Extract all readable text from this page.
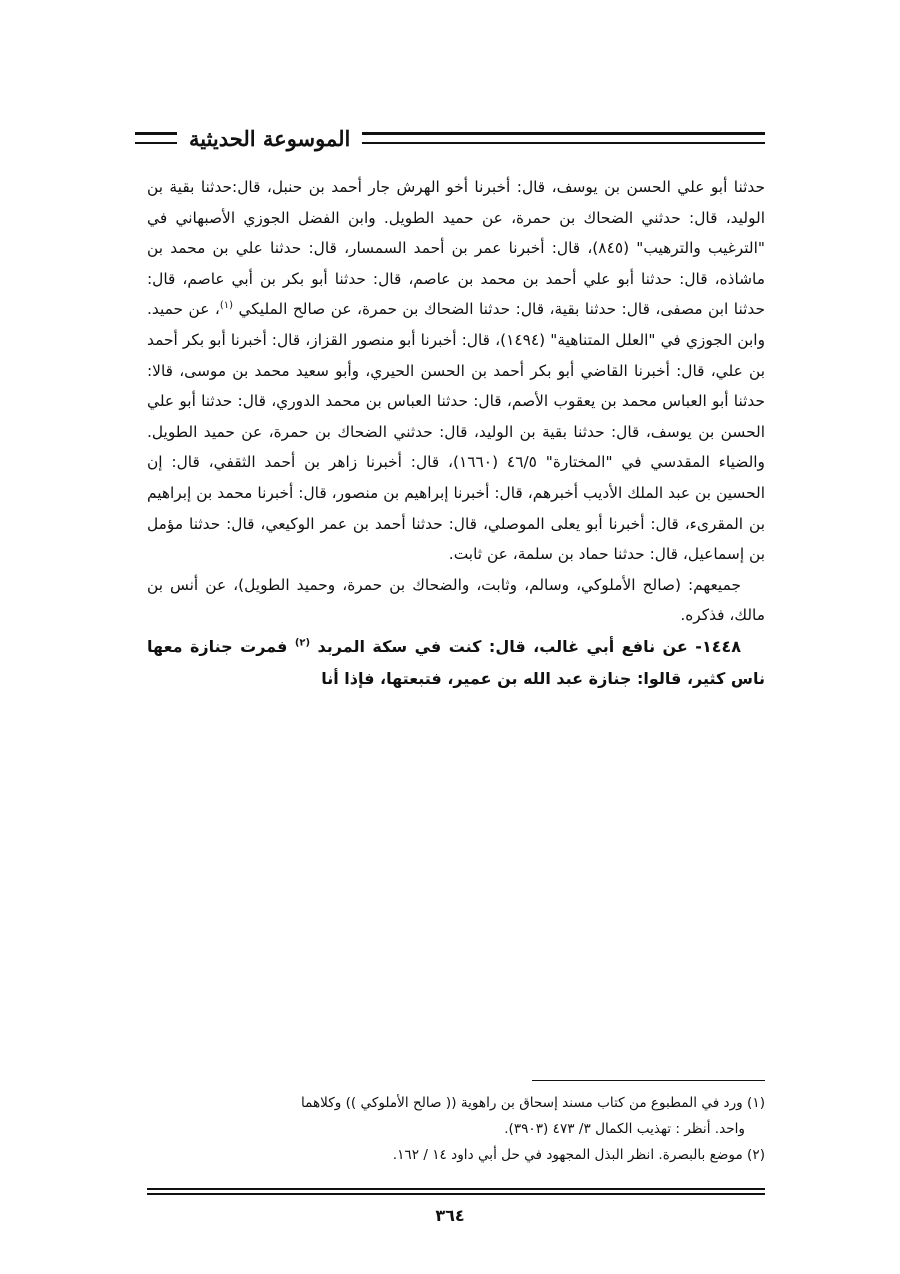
الموسوعة الحديثية

حدثنا أبو علي الحسن بن يوسف، قال: أخبرنا أخو الهرش جار أحمد بن حنبل، قال:حدثنا بقية بن الوليد، قال: حدثني الضحاك بن حمرة، عن حميد الطويل. وابن الفضل الجوزي الأصبهاني في "الترغيب والترهيب" (٨٤٥)، قال: أخبرنا عمر بن أحمد السمسار، قال: حدثنا علي بن محمد بن ماشاذه، قال: حدثنا أبو علي أحمد بن محمد بن عاصم، قال: حدثنا أبو بكر بن أبي عاصم، قال: حدثنا ابن مصفى، قال: حدثنا بقية، قال: حدثنا الضحاك بن حمرة، عن صالح المليكي $^{(١)}$، عن حميد. وابن الجوزي في "العلل المتناهية" (١٤٩٤)، قال: أخبرنا أبو منصور القزاز، قال: أخبرنا أبو بكر أحمد بن علي، قال: أخبرنا القاضي أبو بكر أحمد بن الحسن الحيري، وأبو سعيد محمد بن موسى، قالا: حدثنا أبو العباس محمد بن يعقوب الأصم، قال: حدثنا العباس بن محمد الدوري، قال: حدثنا أبو علي الحسن بن يوسف، قال: حدثنا بقية بن الوليد، قال: حدثني الضحاك بن حمرة، عن حميد الطويل. والضياء المقدسي في "المختارة" ٤٦/٥ (١٦٦٠)، قال: أخبرنا زاهر بن أحمد الثقفي، قال: إن الحسين بن عبد الملك الأديب أخبرهم، قال: أخبرنا إبراهيم بن منصور، قال: أخبرنا محمد بن إبراهيم بن المقرىء، قال: أخبرنا أبو يعلى الموصلي، قال: حدثنا أحمد بن عمر الوكيعي، قال: حدثنا مؤمل بن إسماعيل، قال: حدثنا حماد بن سلمة، عن ثابت.

جميعهم: (صالح الأملوكي، وسالم، وثابت، والضحاك بن حمرة، وحميد الطويل)، عن أنس بن مالك، فذكره.

١٤٤٨- عن نافع أبي غالب، قال: كنت في سكة المربد $^{(٢)}$ فمرت جنازة معها ناس كثير، قالوا: جنازة عبد الله بن عمير، فتبعتها، فإذا أنا

(١) ورد في المطبوع من كتاب مسند إسحاق بن راهوية (( صالح الأملوكي )) وكلاهما

واحد. أنظر : تهذيب الكمال ٣/ ٤٧٣ (٣٩٠٣).

(٢) موضع بالبصرة. انظر البذل المجهود في حل أبي داود ١٤ / ١٦٢.

٣٦٤
